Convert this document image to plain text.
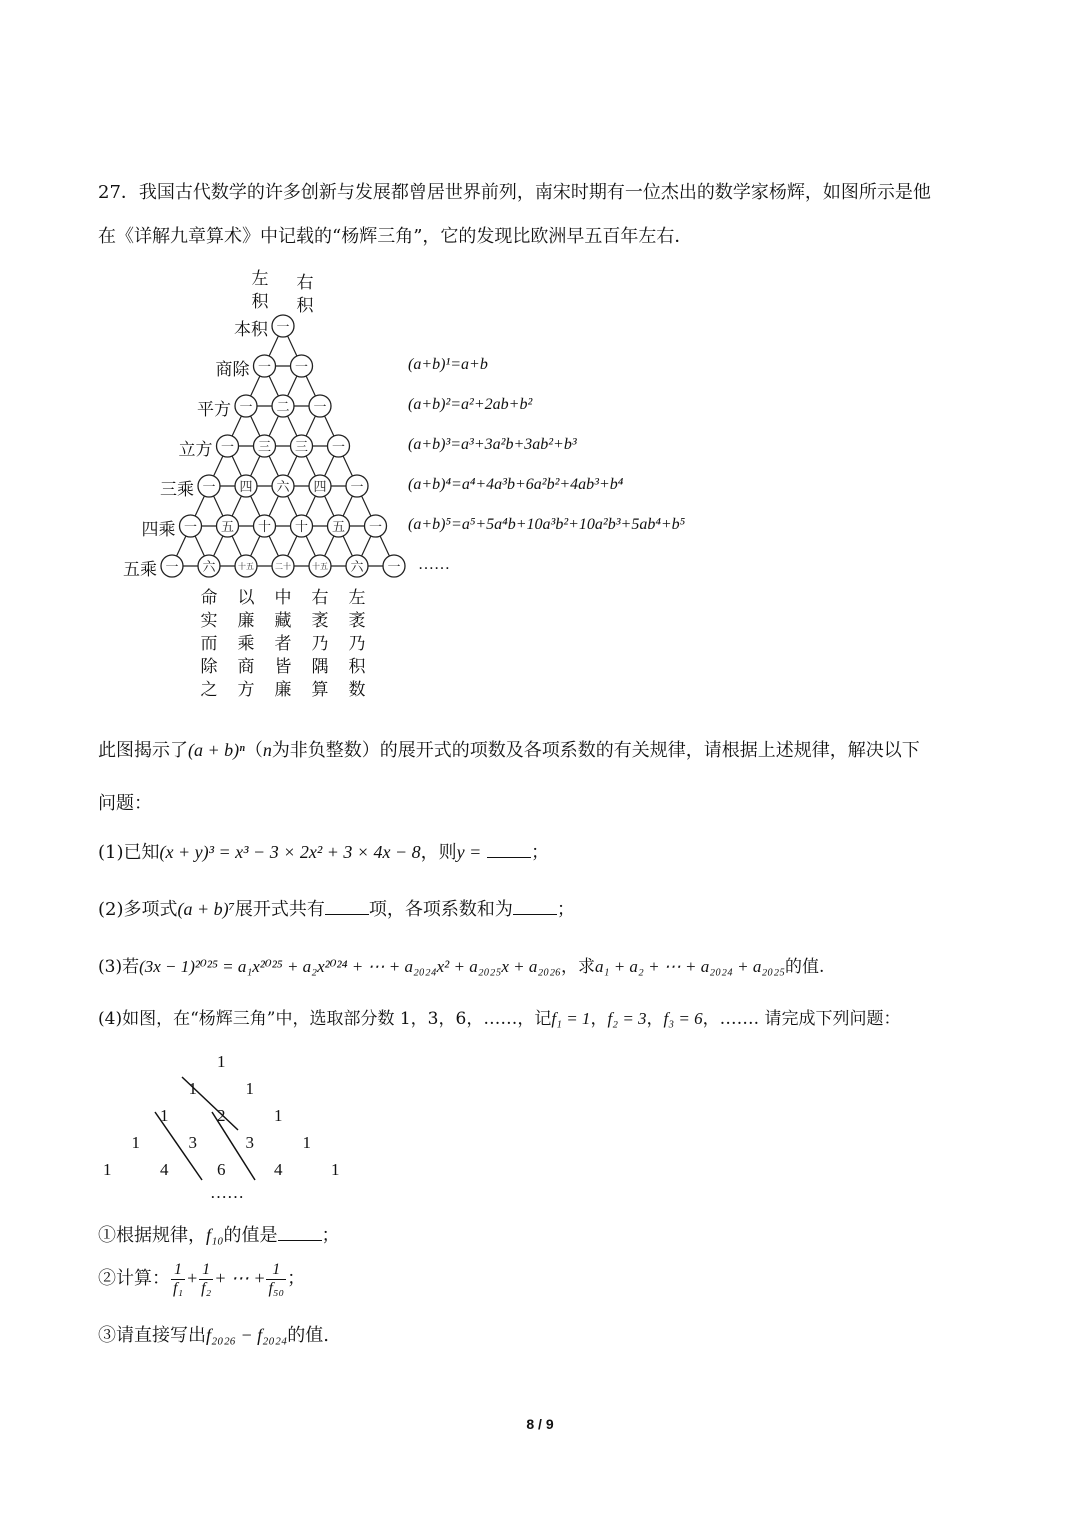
27．我国古代数学的许多创新与发展都曾居世界前列，南宋时期有一位杰出的数学家杨辉，如图所示是他
在《详解九章算术》中记载的“杨辉三角”，它的发现比欧洲早五百年左右．
一
一 一
一 二 一
一 三 三 一
一 四 六 四 一
一 五 十 十 五 一
一 六	十五	二十	十五 六 一
左积
右积
本积
商除
平方
立方
三乘
四乘
五乘
(a+b)¹=a+b
(a+b)²=a²+2ab+b²
(a+b)³=a³+3a²b+3ab²+b³
(a+b)⁴=a⁴+4a³b+6a²b²+4ab³+b⁴
(a+b)⁵=a⁵+5a⁴b+10a³b²+10a²b³+5ab⁴+b⁵
……
命
实
而
除
之
以
廉
乘
商
方
中
藏
者
皆
廉
右
袤
乃
隅
算
左
袤
乃
积
数
此图揭示了(a + b)ⁿ（n为非负整数）的展开式的项数及各项系数的有关规律，请根据上述规律，解决以下
问题：
(1)已知(x + y)³ = x³ − 3 × 2x² + 3 × 4x − 8，则y =	；
(2)多项式(a + b)⁷展开式共有 项，各项系数和为 ；
(3)若(3x − 1)²⁰²⁵ = a₁x²⁰²⁵ + a₂x²⁰²⁴ + ⋯ + a₂₀₂₄x² + a₂₀₂₅x + a₂₀₂₆，求a₁ + a₂ + ⋯ + a₂₀₂₄ + a₂₀₂₅的值.
(4)如图，在“杨辉三角”中，选取部分数 1，3，6，……，记f₁ = 1，f₂ = 3，f₃ = 6，……. 请完成下列问题：
1
1	1
1	2	1
1	3	3	1
1	4	6	4	1
……
①根据规律，f₁₀的值是 ；
②计算： $\frac{1}{\text{f₁}} + \frac{1}{\text{f₂}}$ + ⋯ + $\frac{1}{\text{f₅₀}}$ ；
③请直接写出f₂₀₂₆ − f₂₀₂₄的值.
8 / 9
